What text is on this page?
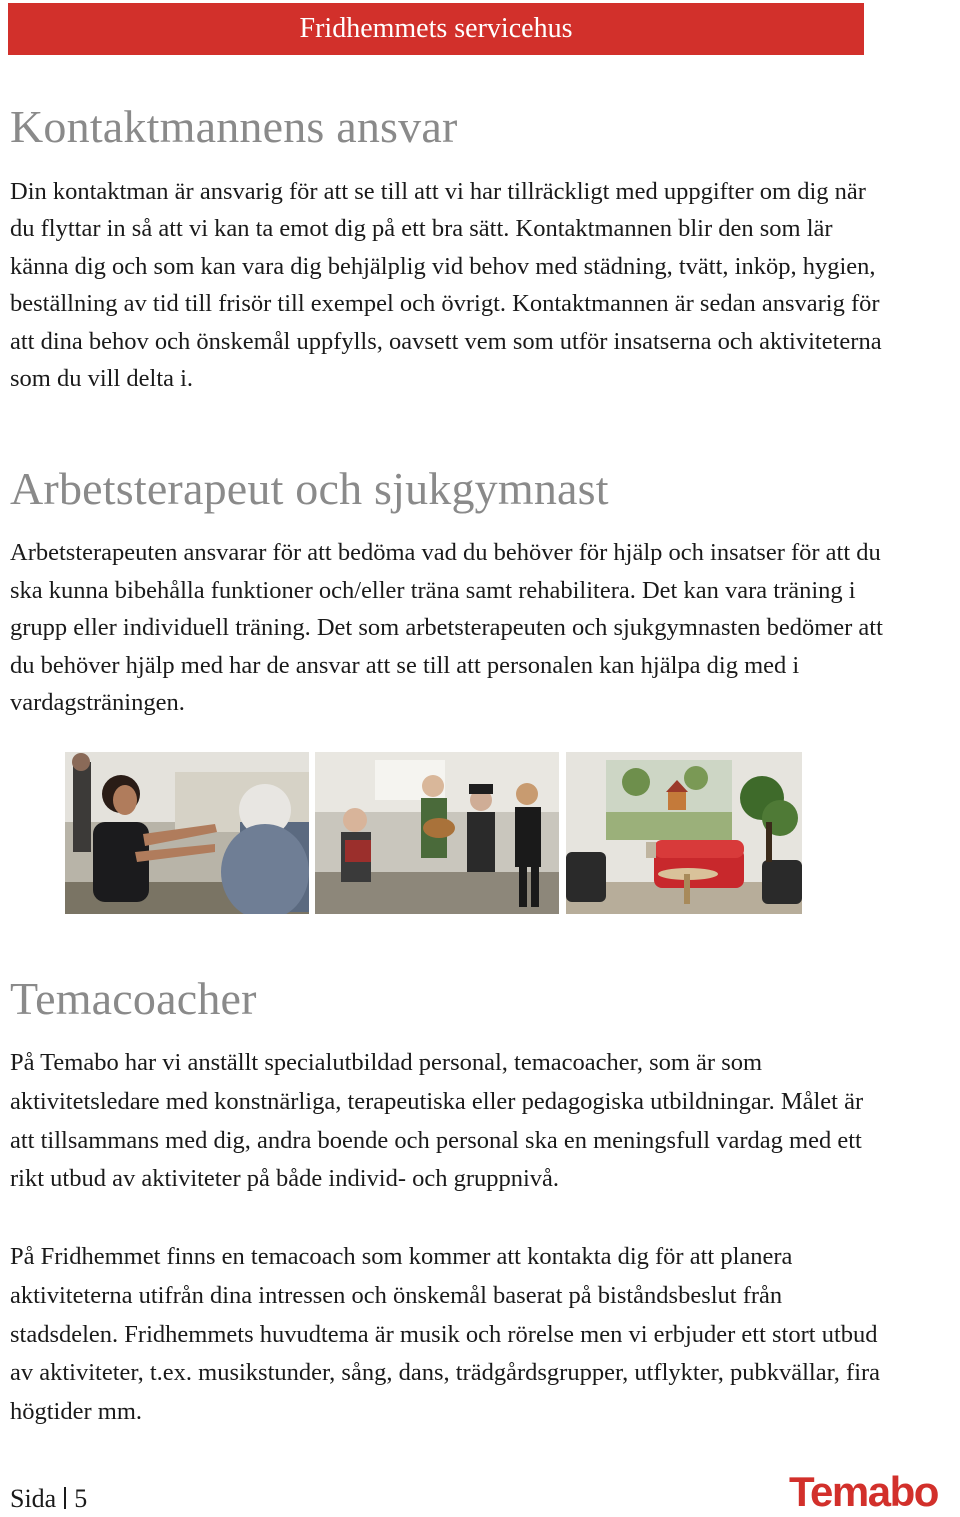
Fridhemmets servicehus
Kontaktmannens ansvar

Din kontaktman är ansvarig för att se till att vi har tillräckligt med uppgifter om dig när du flyttar in så att vi kan ta emot dig på ett bra sätt. Kontaktmannen blir den som lär känna dig och som kan vara dig behjälplig vid behov med städning, tvätt, inköp, hygien, beställning av tid till frisör till exempel och övrigt. Kontaktmannen är sedan ansvarig för att dina behov och önskemål uppfylls, oavsett vem som utför insatserna och aktiviteterna som du vill delta i.

Arbetsterapeut och sjukgymnast

Arbetsterapeuten ansvarar för att bedöma vad du behöver för hjälp och insatser för att du ska kunna bibehålla funktioner och/eller träna samt rehabilitera. Det kan vara träning i grupp eller individuell träning. Det som arbetsterapeuten och sjukgymnasten bedömer att du behöver hjälp med har de ansvar att se till att personalen kan hjälpa dig med i vardagsträningen.

Temacoacher

På Temabo har vi anställt specialutbildad personal, temacoacher, som är som aktivitetsledare med konstnärliga, terapeutiska eller pedagogiska utbildningar. Målet är att tillsammans med dig, andra boende och personal ska en meningsfull vardag med ett rikt utbud av aktiviteter på både individ- och gruppnivå.

På Fridhemmet finns en temacoach som kommer att kontakta dig för att planera aktiviteterna utifrån dina intressen och önskemål baserat på biståndsbeslut från stadsdelen. Fridhemmets huvudtema är musik och rörelse men vi erbjuder ett stort utbud av aktiviteter, t.ex. musikstunder, sång, dans, trädgårdsgrupper, utflykter, pubkvällar, fira högtider mm.

Sida 5	Temabo
